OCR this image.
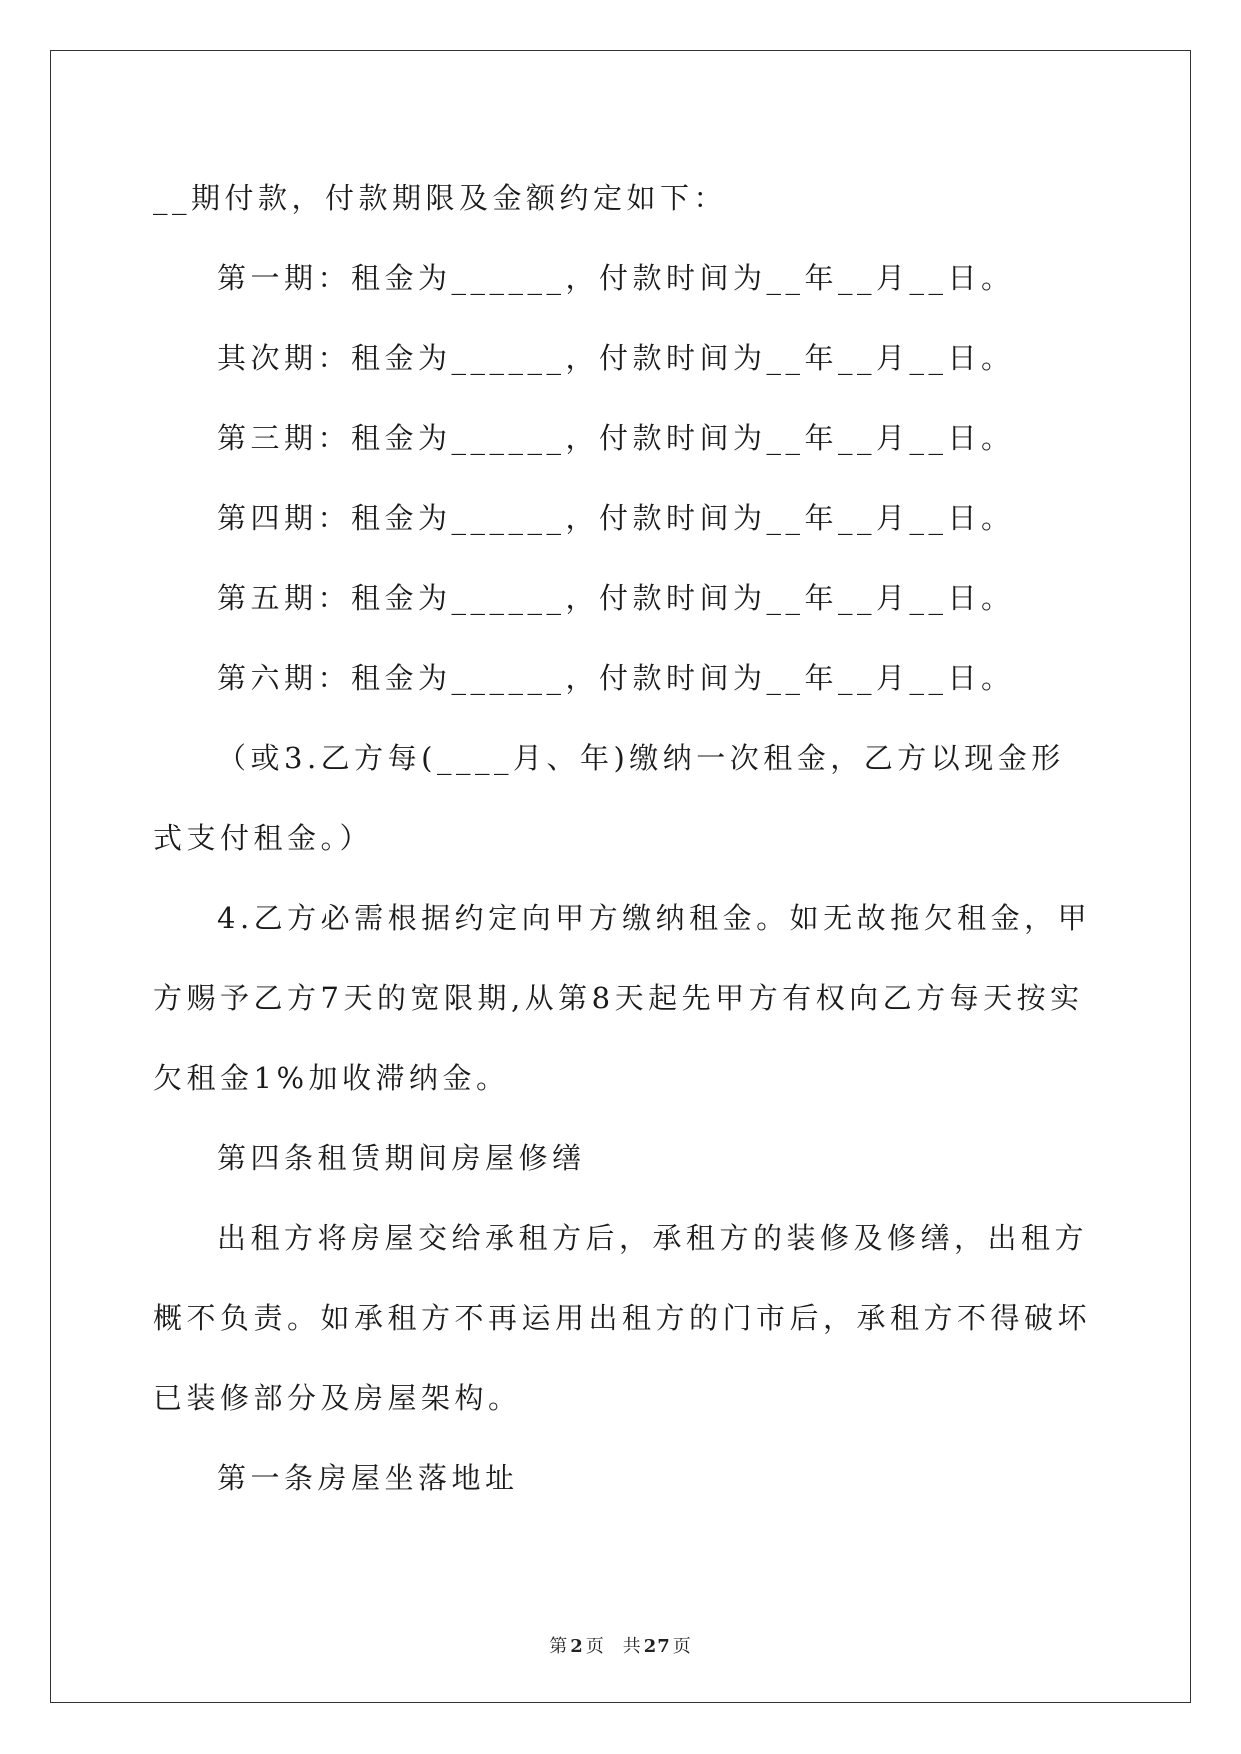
__期付款，付款期限及金额约定如下：

第一期：租金为______，付款时间为__年__月__日。

其次期：租金为______，付款时间为__年__月__日。

第三期：租金为______，付款时间为__年__月__日。

第四期：租金为______，付款时间为__年__月__日。

第五期：租金为______，付款时间为__年__月__日。

第六期：租金为______，付款时间为__年__月__日。

（或3.乙方每(____月、年)缴纳一次租金，乙方以现金形式支付租金。）

4.乙方必需根据约定向甲方缴纳租金。如无故拖欠租金，甲方赐予乙方7天的宽限期,从第8天起先甲方有权向乙方每天按实欠租金1%加收滞纳金。

第四条租赁期间房屋修缮

出租方将房屋交给承租方后，承租方的装修及修缮，出租方概不负责。如承租方不再运用出租方的门市后，承租方不得破坏已装修部分及房屋架构。

第一条房屋坐落地址

第 2 页 共 27 页
